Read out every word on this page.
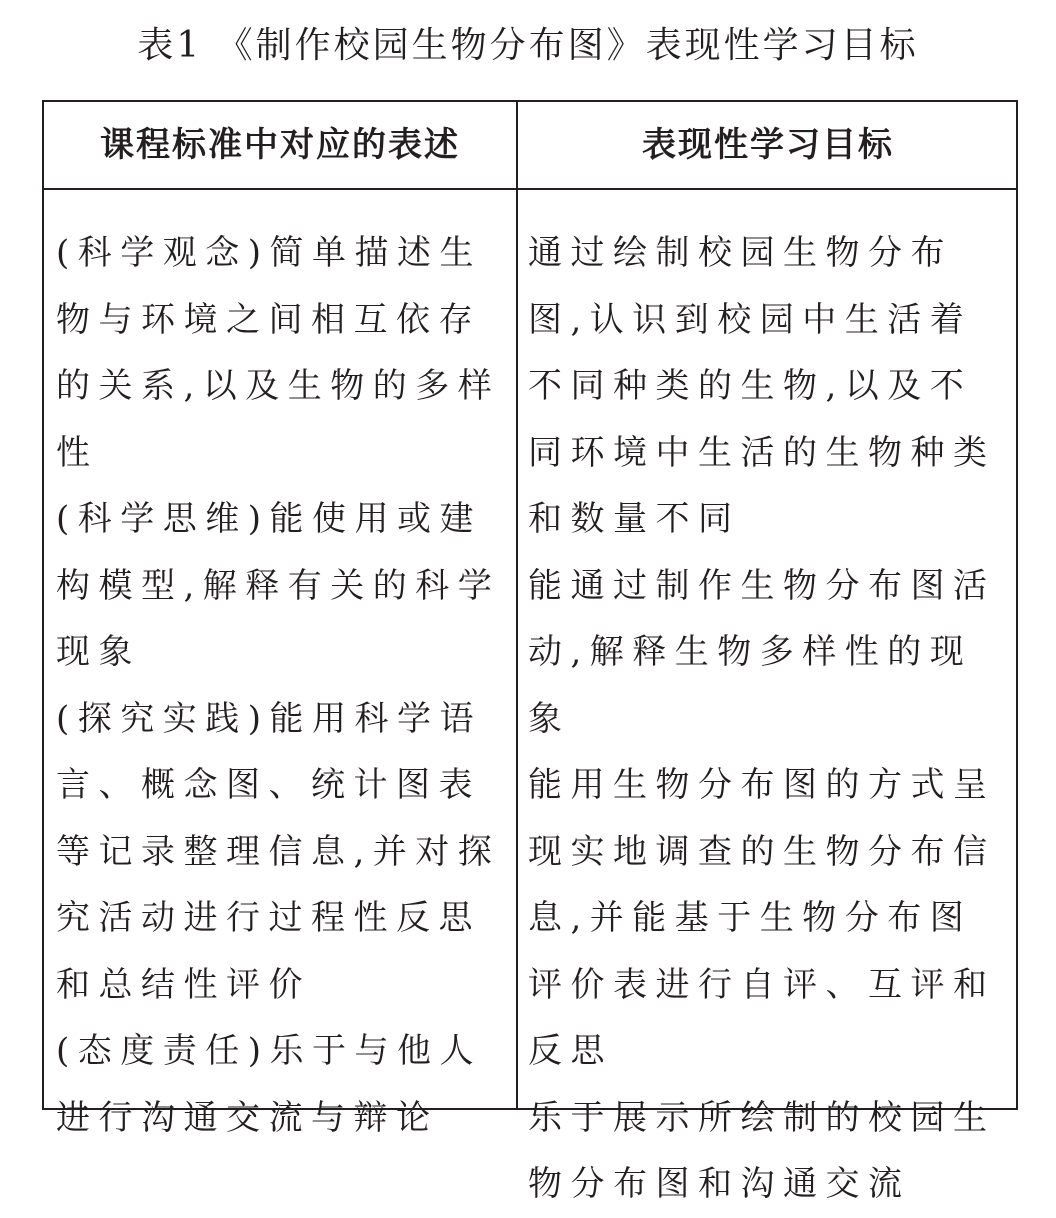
表1 《制作校园生物分布图》表现性学习目标
课程标准中对应的表述	表现性学习目标
(科学观念)简单描述生物与环境之间相互依存的关系,以及生物的多样性
(科学思维)能使用或建构模型,解释有关的科学现象
(探究实践)能用科学语言、概念图、统计图表等记录整理信息,并对探究活动进行过程性反思和总结性评价
(态度责任)乐于与他人进行沟通交流与辩论
通过绘制校园生物分布图,认识到校园中生活着不同种类的生物,以及不同环境中生活的生物种类和数量不同
能通过制作生物分布图活动,解释生物多样性的现象
能用生物分布图的方式呈现实地调查的生物分布信息,并能基于生物分布图评价表进行自评、互评和反思
乐于展示所绘制的校园生物分布图和沟通交流
